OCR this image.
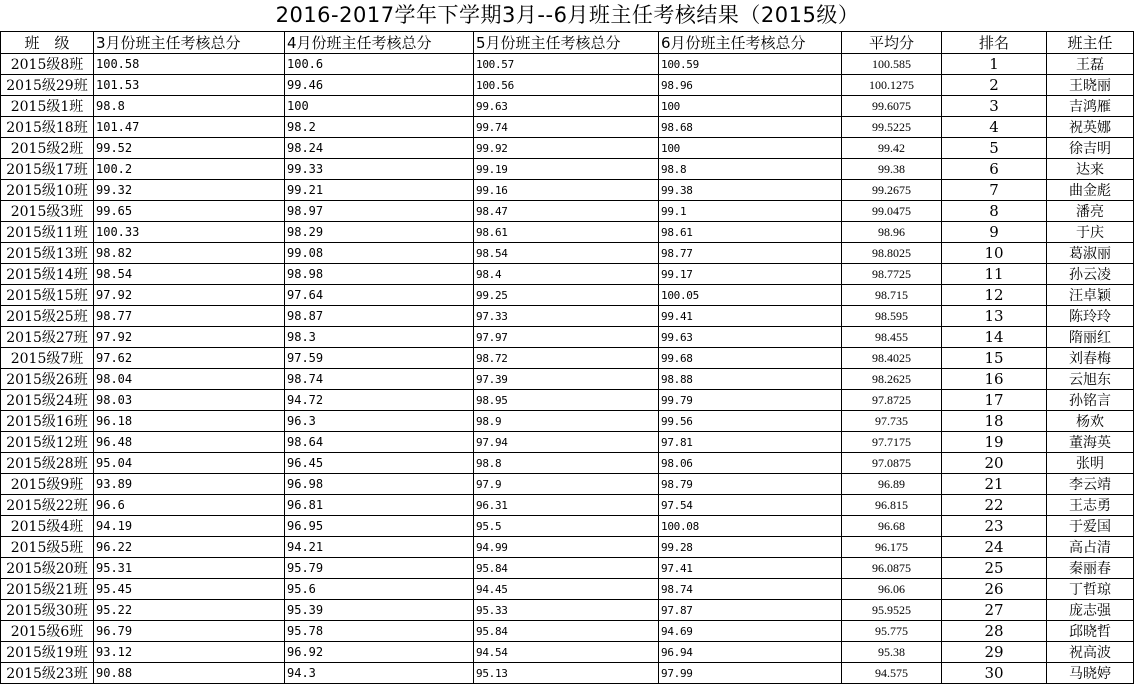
2016-2017学年下学期3月--6月班主任考核结果（2015级）
班　级	3月份班主任考核总分	4月份班主任考核总分	5月份班主任考核总分	6月份班主任考核总分	平均分	排名	班主任
2015级8班	100.58	100.6	100.57	100.59	100.585	1	王磊
2015级29班	101.53	99.46	100.56	98.96	100.1275	2	王晓丽
2015级1班	98.8	100	99.63	100	99.6075	3	吉鸿雁
2015级18班	101.47	98.2	99.74	98.68	99.5225	4	祝英娜
2015级2班	99.52	98.24	99.92	100	99.42	5	徐吉明
2015级17班	100.2	99.33	99.19	98.8	99.38	6	达来
2015级10班	99.32	99.21	99.16	99.38	99.2675	7	曲金彪
2015级3班	99.65	98.97	98.47	99.1	99.0475	8	潘亮
2015级11班	100.33	98.29	98.61	98.61	98.96	9	于庆
2015级13班	98.82	99.08	98.54	98.77	98.8025	10	葛淑丽
2015级14班	98.54	98.98	98.4	99.17	98.7725	11	孙云凌
2015级15班	97.92	97.64	99.25	100.05	98.715	12	汪卓颖
2015级25班	98.77	98.87	97.33	99.41	98.595	13	陈玲玲
2015级27班	97.92	98.3	97.97	99.63	98.455	14	隋丽红
2015级7班	97.62	97.59	98.72	99.68	98.4025	15	刘春梅
2015级26班	98.04	98.74	97.39	98.88	98.2625	16	云旭东
2015级24班	98.03	94.72	98.95	99.79	97.8725	17	孙铭言
2015级16班	96.18	96.3	98.9	99.56	97.735	18	杨欢
2015级12班	96.48	98.64	97.94	97.81	97.7175	19	董海英
2015级28班	95.04	96.45	98.8	98.06	97.0875	20	张明
2015级9班	93.89	96.98	97.9	98.79	96.89	21	李云靖
2015级22班	96.6	96.81	96.31	97.54	96.815	22	王志勇
2015级4班	94.19	96.95	95.5	100.08	96.68	23	于爱国
2015级5班	96.22	94.21	94.99	99.28	96.175	24	高占清
2015级20班	95.31	95.79	95.84	97.41	96.0875	25	秦丽春
2015级21班	95.45	95.6	94.45	98.74	96.06	26	丁哲琼
2015级30班	95.22	95.39	95.33	97.87	95.9525	27	庞志强
2015级6班	96.79	95.78	95.84	94.69	95.775	28	邱晓哲
2015级19班	93.12	96.92	94.54	96.94	95.38	29	祝高波
2015级23班	90.88	94.3	95.13	97.99	94.575	30	马晓婷
